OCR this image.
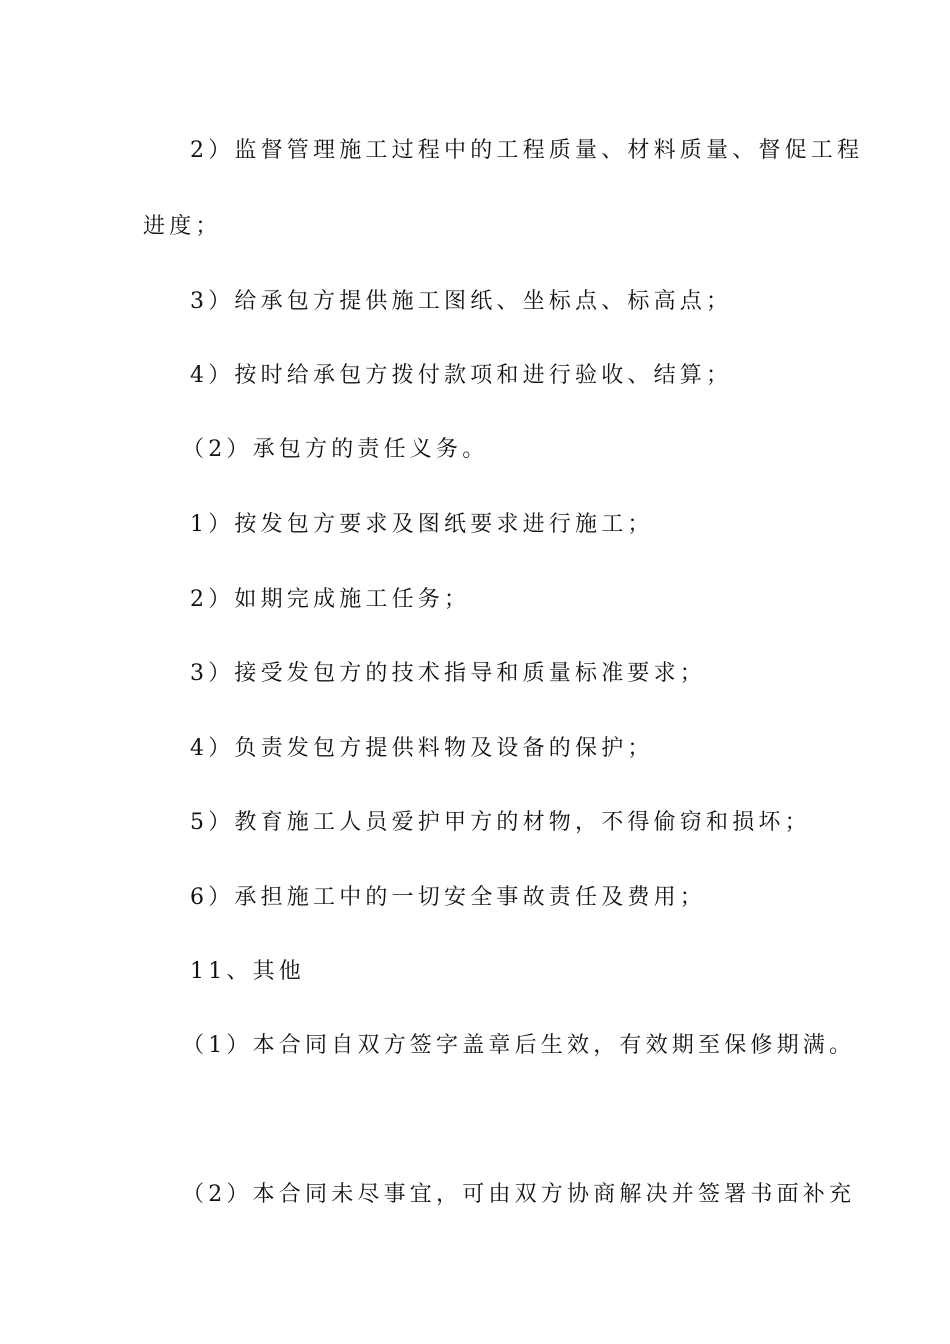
2）监督管理施工过程中的工程质量、材料质量、督促工程
进度；
3）给承包方提供施工图纸、坐标点、标高点；
4）按时给承包方拨付款项和进行验收、结算；
（2）承包方的责任义务。
1）按发包方要求及图纸要求进行施工；
2）如期完成施工任务；
3）接受发包方的技术指导和质量标准要求；
4）负责发包方提供料物及设备的保护；
5）教育施工人员爱护甲方的材物，不得偷窃和损坏；
6）承担施工中的一切安全事故责任及费用；
11、其他
（1）本合同自双方签字盖章后生效，有效期至保修期满。
（2）本合同未尽事宜，可由双方协商解决并签署书面补充
